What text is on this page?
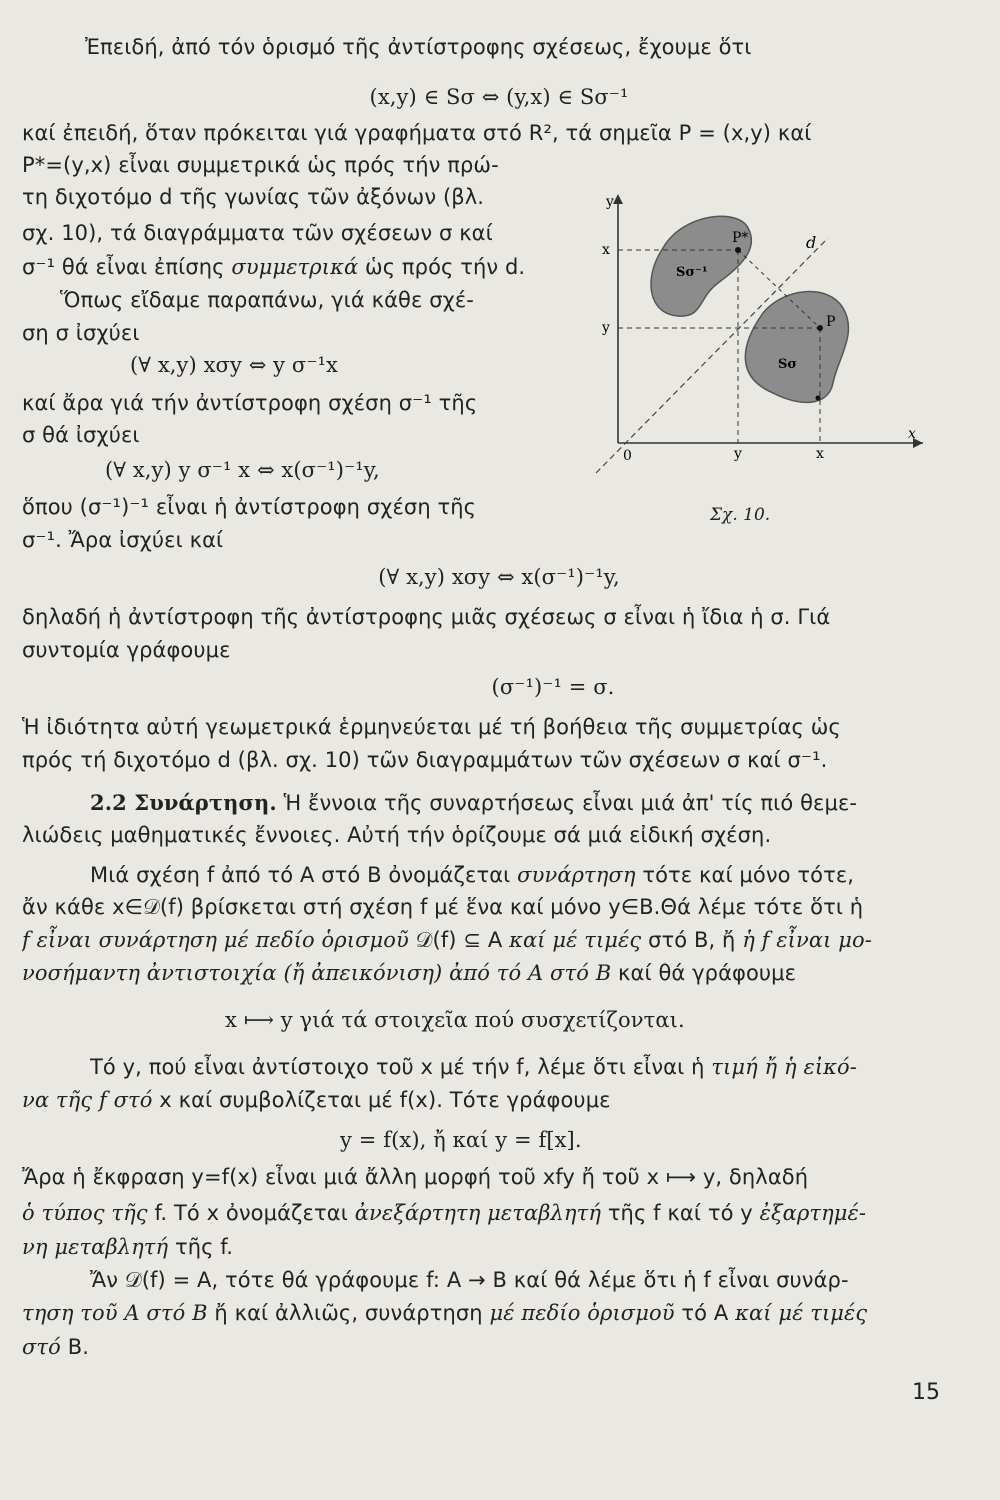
Ἐπειδή, ἀπό τόν ὁρισμό τῆς ἀντίστροφης σχέσεως, ἔχουμε ὅτι
(x,y) ∈ Sσ ⇔ (y,x) ∈ Sσ⁻¹
καί ἐπειδή, ὅταν πρόκειται γιά γραφήματα στό R², τά σημεῖα P = (x,y) καί
P*=(y,x) εἶναι συμμετρικά ὡς πρός τήν πρώ-
τη διχοτόμο d τῆς γωνίας τῶν ἀξόνων (βλ.
σχ. 10), τά διαγράμματα τῶν σχέσεων σ καί
σ⁻¹ θά εἶναι ἐπίσης συμμετρικά ὡς πρός τήν d.
Ὅπως εἴδαμε παραπάνω, γιά κάθε σχέ-
ση σ ἰσχύει
(∀ x,y) xσy ⇔ y σ⁻¹x
καί ἄρα γιά τήν ἀντίστροφη σχέση σ⁻¹ τῆς
σ θά ἰσχύει
(∀ x,y) y σ⁻¹ x ⇔ x(σ⁻¹)⁻¹y,
ὅπου (σ⁻¹)⁻¹ εἶναι ἡ ἀντίστροφη σχέση τῆς
σ⁻¹. Ἄρα ἰσχύει καί
(∀ x,y) xσy ⇔ x(σ⁻¹)⁻¹y,
δηλαδή ἡ ἀντίστροφη τῆς ἀντίστροφης μιᾶς σχέσεως σ εἶναι ἡ ἴδια ἡ σ. Γιά
συντομία γράφουμε
(σ⁻¹)⁻¹ = σ.
Ἡ ἰδιότητα αὐτή γεωμετρικά ἑρμηνεύεται μέ τή βοήθεια τῆς συμμετρίας ὡς
πρός τή διχοτόμο d (βλ. σχ. 10) τῶν διαγραμμάτων τῶν σχέσεων σ καί σ⁻¹.
2.2 Συνάρτηση. Ἡ ἔννοια τῆς συναρτήσεως εἶναι μιά ἀπ' τίς πιό θεμε-
λιώδεις μαθηματικές ἔννοιες. Αὐτή τήν ὁρίζουμε σά μιά εἰδική σχέση.
Μιά σχέση f ἀπό τό A στό B ὀνομάζεται συνάρτηση τότε καί μόνο τότε,
ἄν κάθε x∈𝒟(f) βρίσκεται στή σχέση f μέ ἕνα καί μόνο y∈B.Θά λέμε τότε ὅτι ἡ
f εἶναι συνάρτηση μέ πεδίο ὁρισμοῦ 𝒟(f) ⊆ A καί μέ τιμές στό B, ἤ ἡ f εἶναι μο-
νοσήμαντη ἀντιστοιχία (ἤ ἀπεικόνιση) ἀπό τό A στό B καί θά γράφουμε
x ⟼ y γιά τά στοιχεῖα πού συσχετίζονται.
Τό y, πού εἶναι ἀντίστοιχο τοῦ x μέ τήν f, λέμε ὅτι εἶναι ἡ τιμή ἤ ἡ εἰκό-
να τῆς f στό x καί συμβολίζεται μέ f(x). Τότε γράφουμε
y = f(x), ἤ καί y = f[x].
Ἄρα ἡ ἔκφραση y=f(x) εἶναι μιά ἄλλη μορφή τοῦ xfy ἤ τοῦ x ⟼ y, δηλαδή
ὁ τύπος τῆς f. Τό x ὀνομάζεται ἀνεξάρτητη μεταβλητή τῆς f καί τό y ἐξαρτημέ-
νη μεταβλητή τῆς f.
Ἄν 𝒟(f) = A, τότε θά γράφουμε f: A → B καί θά λέμε ὅτι ἡ f εἶναι συνάρ-
τηση τοῦ A στό B ἤ καί ἀλλιῶς, συνάρτηση μέ πεδίο ὁρισμοῦ τό A καί μέ τιμές
στό B.
y
x
0
x
y
y	x
d
P*
P
Sσ⁻¹
Sσ
Σχ. 10.
15
